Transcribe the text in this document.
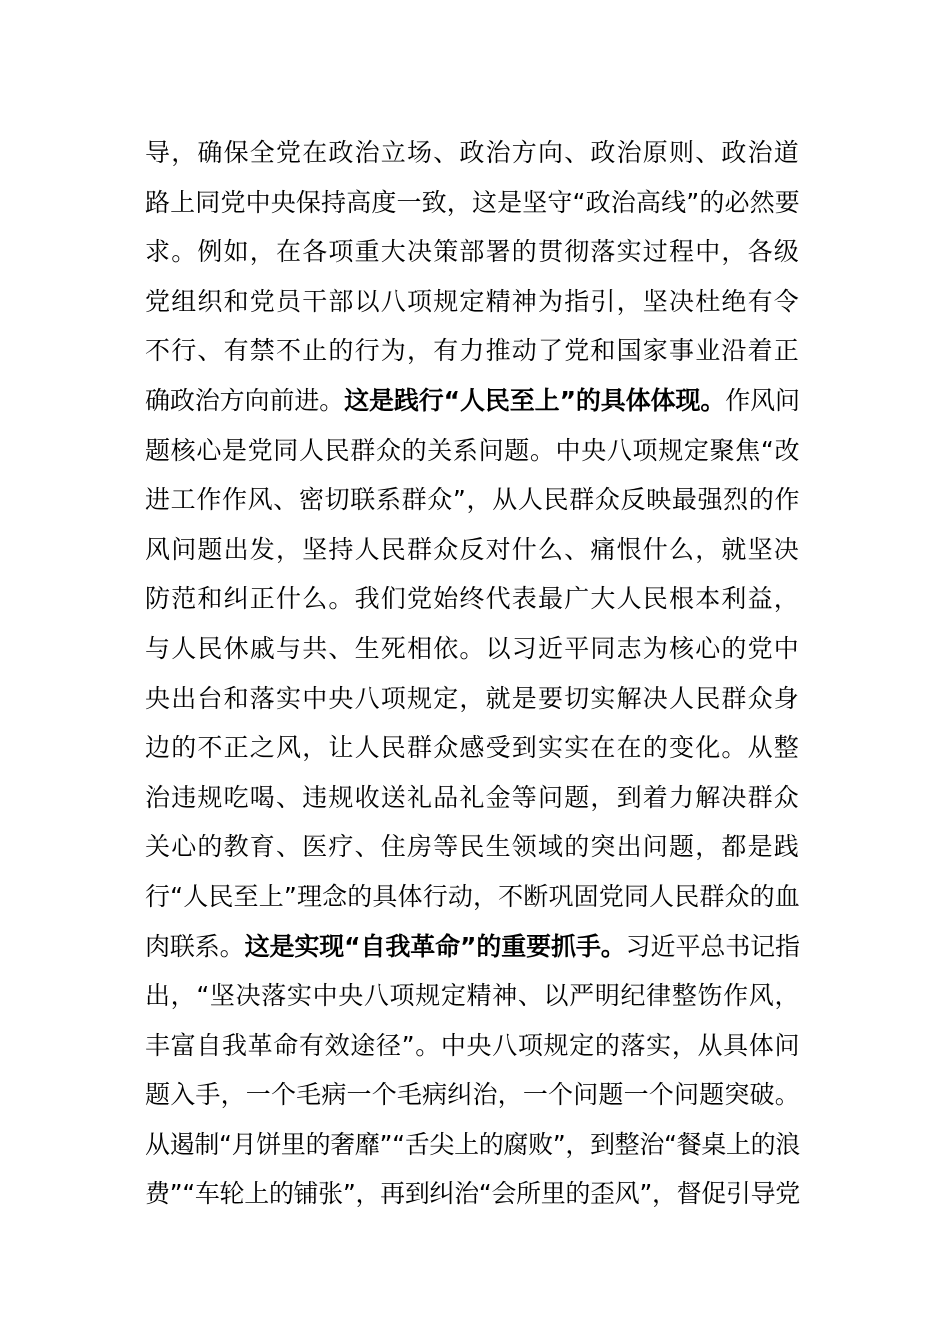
导，确保全党在政治立场、政治方向、政治原则、政治道
路上同党中央保持高度一致，这是坚守“政治高线”的必然要
求。例如，在各项重大决策部署的贯彻落实过程中，各级
党组织和党员干部以八项规定精神为指引，坚决杜绝有令
不行、有禁不止的行为，有力推动了党和国家事业沿着正
确政治方向前进。这是践行“人民至上”的具体体现。作风问
题核心是党同人民群众的关系问题。中央八项规定聚焦“改
进工作作风、密切联系群众”，从人民群众反映最强烈的作
风问题出发，坚持人民群众反对什么、痛恨什么，就坚决
防范和纠正什么。我们党始终代表最广大人民根本利益，
与人民休戚与共、生死相依。以习近平同志为核心的党中
央出台和落实中央八项规定，就是要切实解决人民群众身
边的不正之风，让人民群众感受到实实在在的变化。从整
治违规吃喝、违规收送礼品礼金等问题，到着力解决群众
关心的教育、医疗、住房等民生领域的突出问题，都是践
行“人民至上”理念的具体行动，不断巩固党同人民群众的血
肉联系。这是实现“自我革命”的重要抓手。习近平总书记指
出，“坚决落实中央八项规定精神、以严明纪律整饬作风，
丰富自我革命有效途径”。中央八项规定的落实，从具体问
题入手，一个毛病一个毛病纠治，一个问题一个问题突破。
从遏制“月饼里的奢靡”“舌尖上的腐败”，到整治“餐桌上的浪
费”“车轮上的铺张”，再到纠治“会所里的歪风”，督促引导党
